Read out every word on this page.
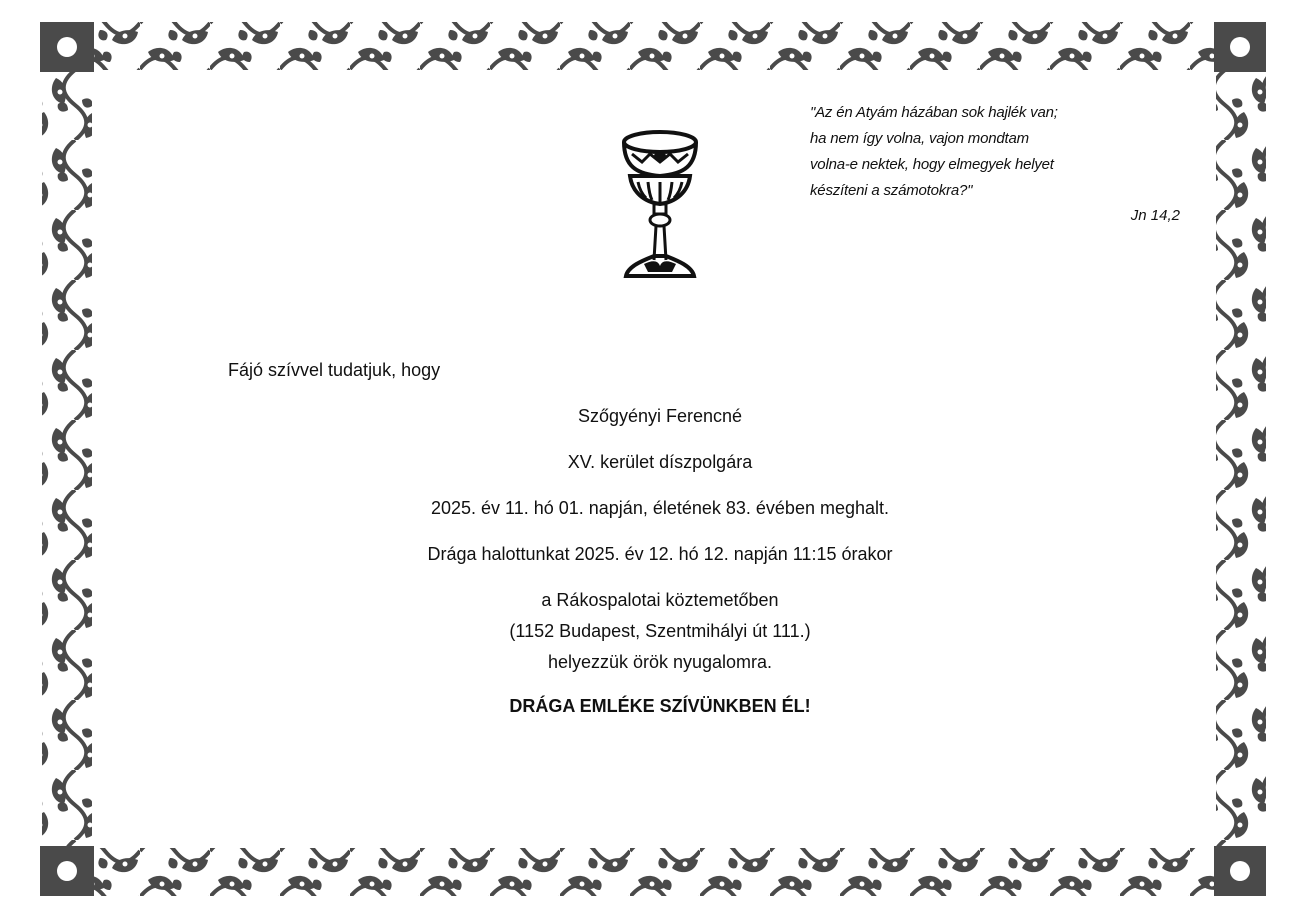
"Az én Atyám házában sok hajlék van;
ha nem így volna, vajon mondtam
volna-e nektek, hogy elmegyek helyet
készíteni a számotokra?"
Jn 14,2
Fájó szívvel tudatjuk, hogy
Szőgyényi Ferencné
XV. kerület díszpolgára
2025. év 11. hó 01. napján, életének 83. évében meghalt.
Drága halottunkat 2025. év 12. hó 12. napján 11:15 órakor
a Rákospalotai köztemetőben
(1152 Budapest, Szentmihályi út 111.)
helyezzük örök nyugalomra.
DRÁGA EMLÉKE SZÍVÜNKBEN ÉL!
